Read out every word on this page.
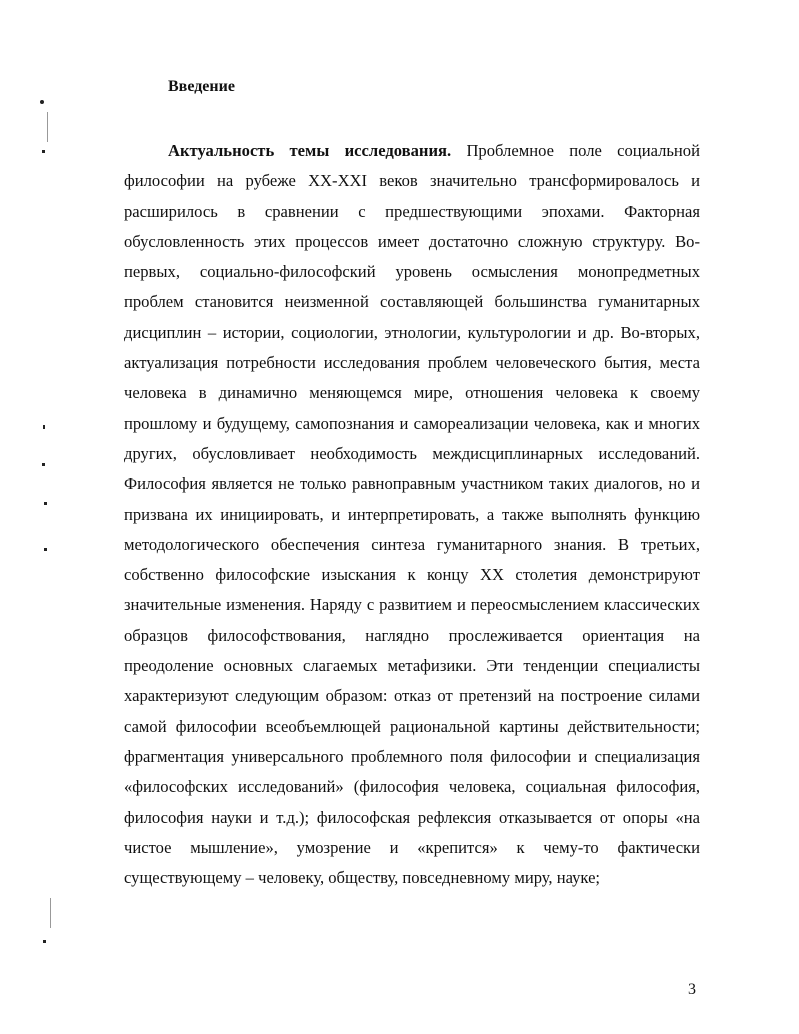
Введение

Актуальность темы исследования. Проблемное поле социальной философии на рубеже XX-XXI веков значительно трансформировалось и расширилось в сравнении с предшествующими эпохами. Факторная обусловленность этих процессов имеет достаточно сложную структуру. Во-первых, социально-философский уровень осмысления монопредметных проблем становится неизменной составляющей большинства гуманитарных дисциплин – истории, социологии, этнологии, культурологии и др. Во-вторых, актуализация потребности исследования проблем человеческого бытия, места человека в динамично меняющемся мире, отношения человека к своему прошлому и будущему, самопознания и самореализации человека, как и многих других, обусловливает необходимость междисциплинарных исследований. Философия является не только равноправным участником таких диалогов, но и призвана их инициировать, и интерпретировать, а также выполнять функцию методологического обеспечения синтеза гуманитарного знания. В третьих, собственно философские изыскания к концу XX столетия демонстрируют значительные изменения. Наряду с развитием и переосмыслением классических образцов философствования, наглядно прослеживается ориентация на преодоление основных слагаемых метафизики. Эти тенденции специалисты характеризуют следующим образом: отказ от претензий на построение силами самой философии всеобъемлющей рациональной картины действительности; фрагментация универсального проблемного поля философии и специализация «философских исследований» (философия человека, социальная философия, философия науки и т.д.); философская рефлексия отказывается от опоры «на чистое мышление», умозрение и «крепится» к чему-то фактически существующему – человеку, обществу, повседневному миру, науке;

3
